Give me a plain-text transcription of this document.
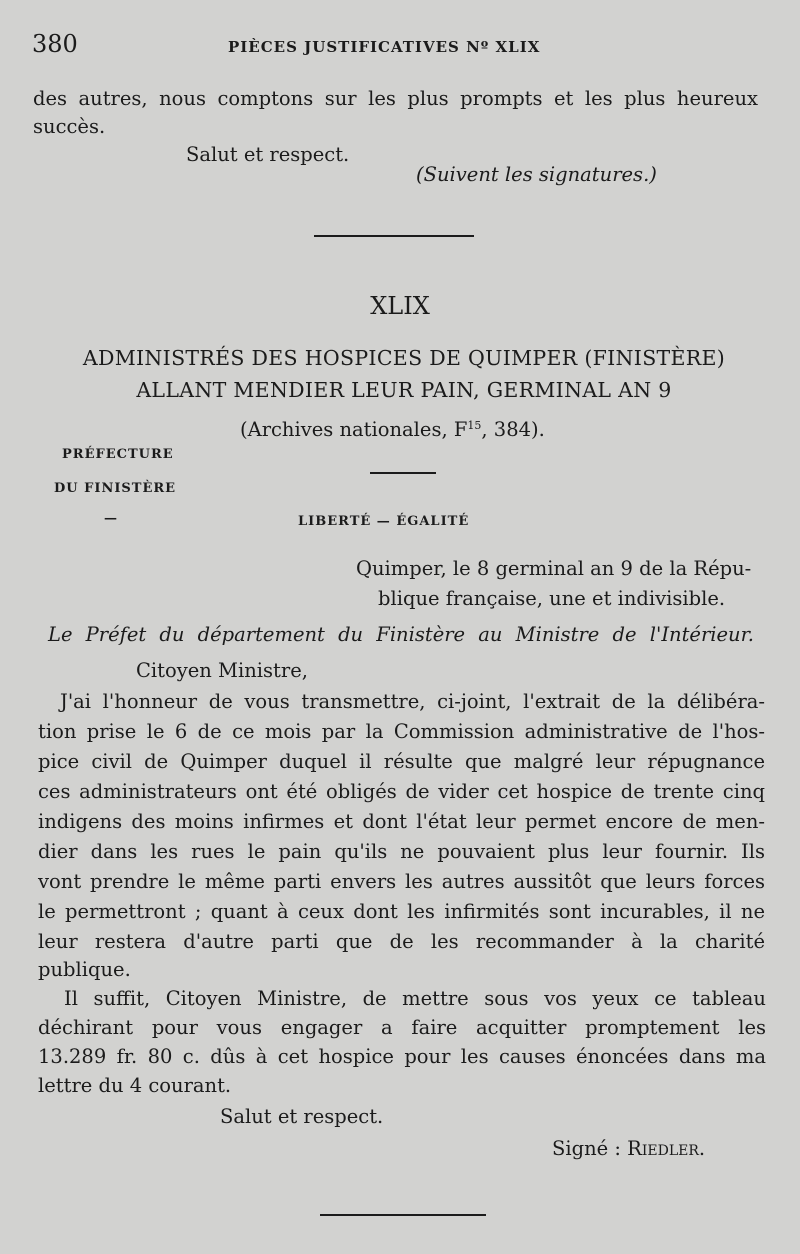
380	PIÈCES JUSTIFICATIVES Nº XLIX
des autres, nous comptons sur les plus prompts et les plus heureux
succès.
Salut et respect.
(Suivent les signatures.)
XLIX
ADMINISTRÉS DES HOSPICES DE QUIMPER (FINISTÈRE)
ALLANT MENDIER LEUR PAIN, GERMINAL AN 9
(Archives nationales, $F^{15}$, 384).
PRÉFECTURE
DU FINISTÈRE
—	LIBERTÉ — ÉGALITÉ
Quimper, le 8 germinal an 9 de la Répu-
blique française, une et indivisible.
Le Préfet du département du Finistère au Ministre de l'Intérieur.
Citoyen Ministre,
J'ai l'honneur de vous transmettre, ci-joint, l'extrait de la délibéra-
tion prise le 6 de ce mois par la Commission administrative de l'hos-
pice civil de Quimper duquel il résulte que malgré leur répugnance
ces administrateurs ont été obligés de vider cet hospice de trente cinq
indigens des moins infirmes et dont l'état leur permet encore de men-
dier dans les rues le pain qu'ils ne pouvaient plus leur fournir. Ils
vont prendre le même parti envers les autres aussitôt que leurs forces
le permettront ; quant à ceux dont les infirmités sont incurables, il ne
leur restera d'autre parti que de les recommander à la charité
publique.
Il suffit, Citoyen Ministre, de mettre sous vos yeux ce tableau
déchirant pour vous engager a faire acquitter promptement les
13.289 fr. 80 c. dûs à cet hospice pour les causes énoncées dans ma
lettre du 4 courant.
Salut et respect.
Signé : Riedler.
